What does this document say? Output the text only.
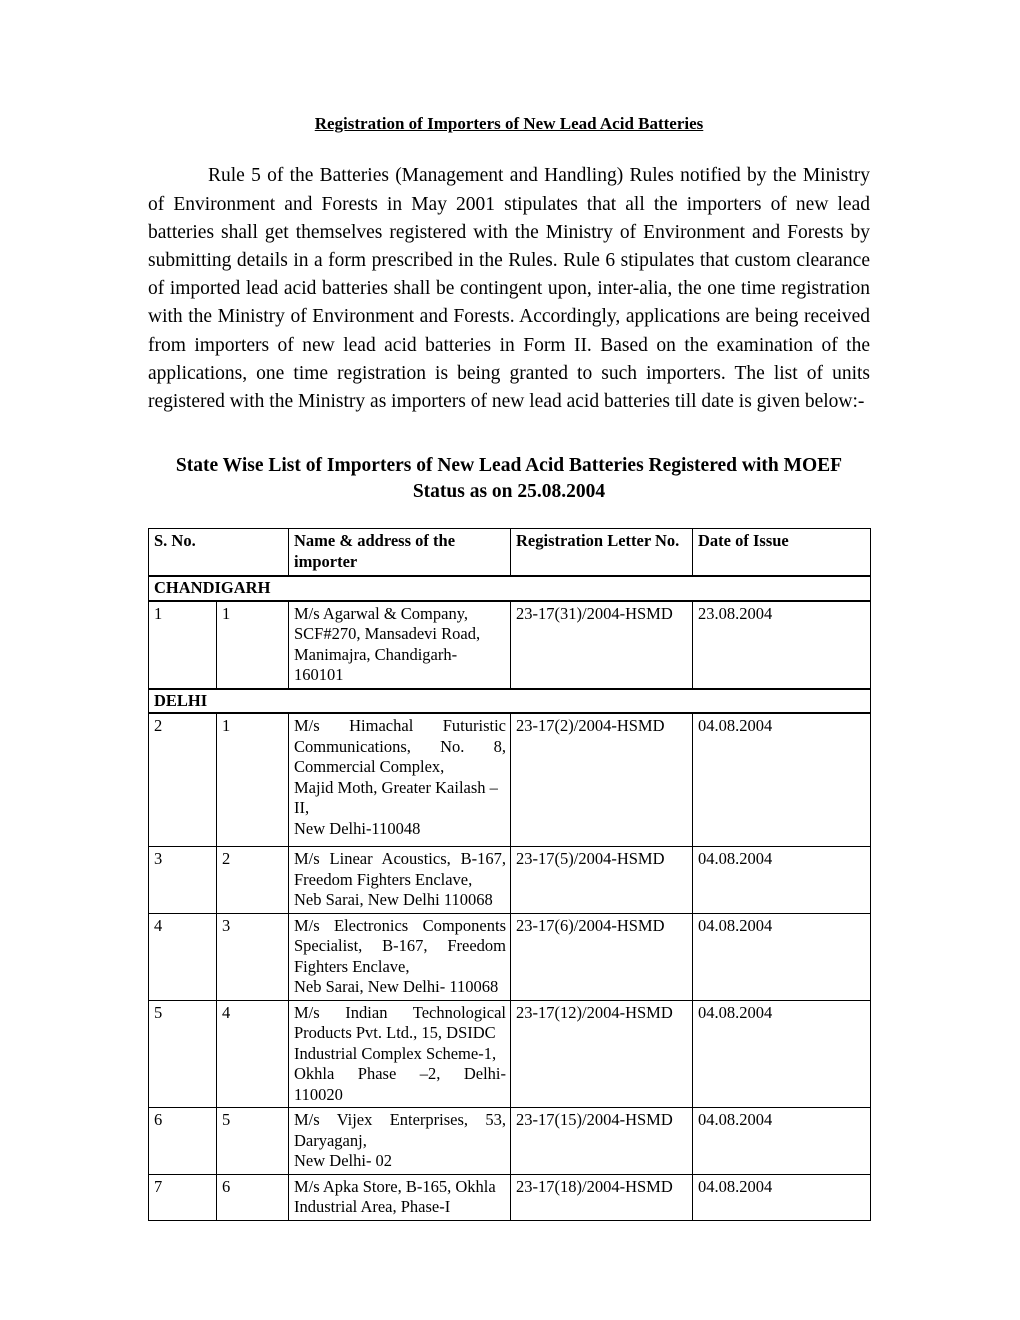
Registration of Importers of New Lead Acid Batteries

Rule 5 of the Batteries (Management and Handling) Rules notified by the Ministry of Environment and Forests in May 2001 stipulates that all the importers of new lead batteries shall get themselves registered with the Ministry of Environment and Forests by submitting details in a form prescribed in the Rules. Rule 6 stipulates that custom clearance of imported lead acid batteries shall be contingent upon, inter-alia, the one time registration with the Ministry of Environment and Forests. Accordingly, applications are being received from importers of new lead acid batteries in Form II. Based on the examination of the applications, one time registration is being granted to such importers. The list of units registered with the Ministry as importers of new lead acid batteries till date is given below:-

State Wise List of Importers of New Lead Acid Batteries Registered with MOEF
Status as on 25.08.2004
S. No.		Name & address of the importer	Registration Letter No.	Date of Issue
CHANDIGARH				
1	1	M/s Agarwal & Company,
SCF#270, Mansadevi Road,
Manimajra, Chandigarh-
160101	23-17(31)/2004-HSMD	23.08.2004
DELHI				
2	1	M/s Himachal Futuristic
Communications, No. 8,
Commercial Complex,
Majid Moth, Greater Kailash –
II,
New Delhi-110048
	23-17(2)/2004-HSMD	04.08.2004
3	2	M/s Linear Acoustics, B-167,
Freedom Fighters Enclave,
Neb Sarai, New Delhi 110068	23-17(5)/2004-HSMD	04.08.2004
4	3	M/s Electronics Components
Specialist, B-167, Freedom
Fighters Enclave,
Neb Sarai, New Delhi- 110068	23-17(6)/2004-HSMD	04.08.2004
5	4	M/s Indian Technological
Products Pvt. Ltd., 15, DSIDC
Industrial Complex Scheme-1,
Okhla Phase –2, Delhi-
110020	23-17(12)/2004-HSMD	04.08.2004
6	5	M/s Vijex Enterprises, 53,
Daryaganj,
New Delhi- 02	23-17(15)/2004-HSMD	04.08.2004
7	6	M/s Apka Store, B-165, Okhla
Industrial Area, Phase-I	23-17(18)/2004-HSMD	04.08.2004
